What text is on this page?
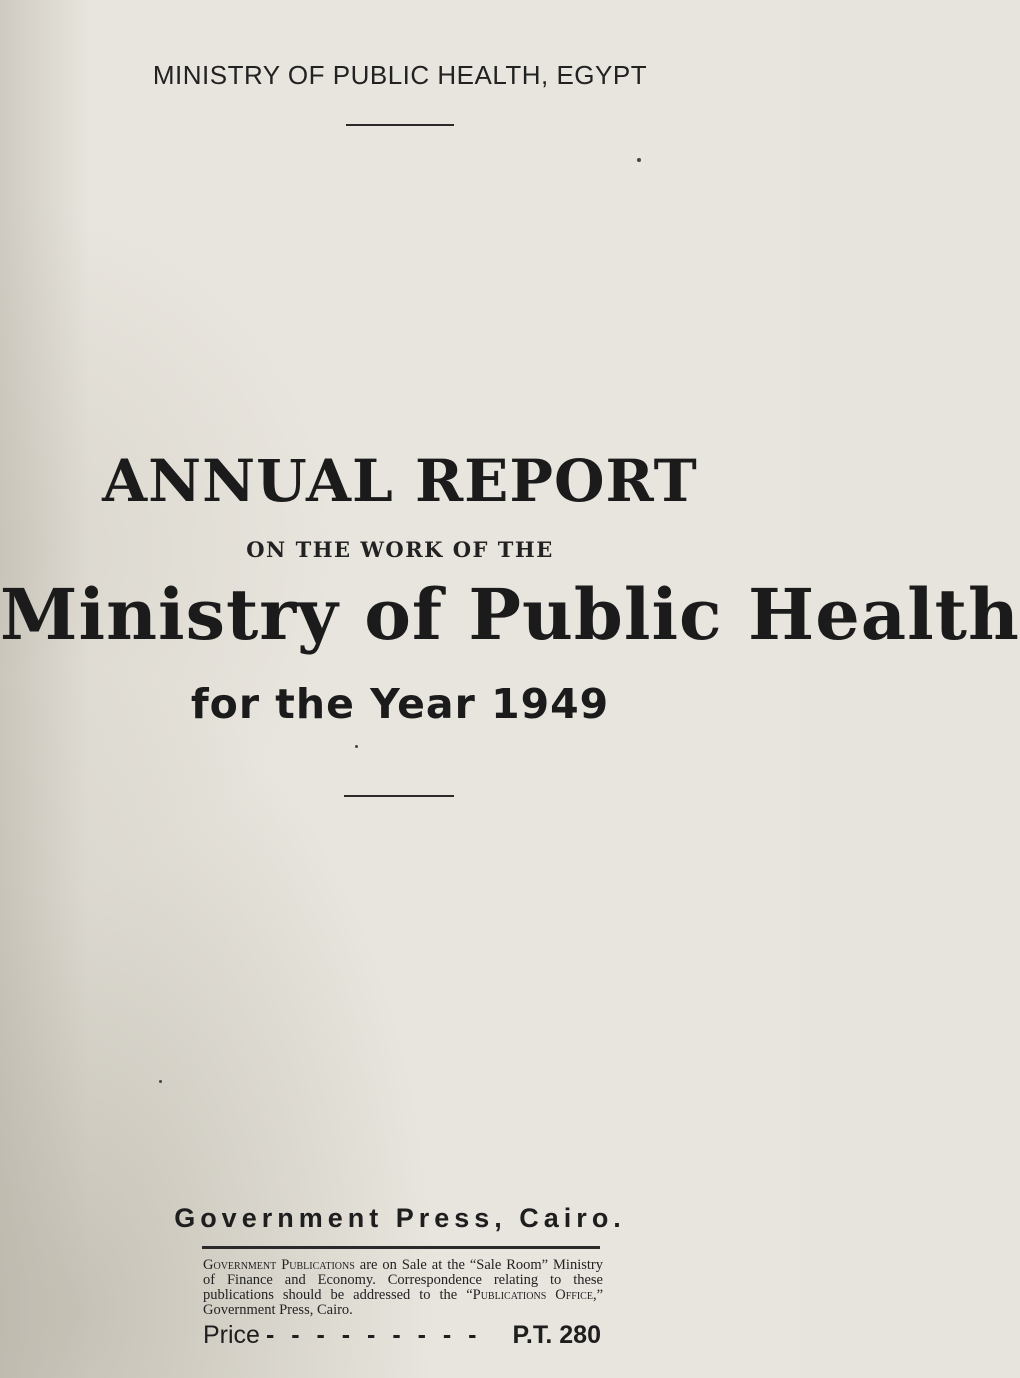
MINISTRY OF PUBLIC HEALTH, EGYPT
ANNUAL REPORT
ON THE WORK OF THE
Ministry of Public Health
for the Year 1949
Government Press, Cairo.
Government Publications are on Sale at the “Sale Room” Ministry of Finance and Economy. Correspondence relating to these publications should be addressed to the “Publications Office,” Government Press, Cairo.
Price - - - - - - - - -	P.T. 280
